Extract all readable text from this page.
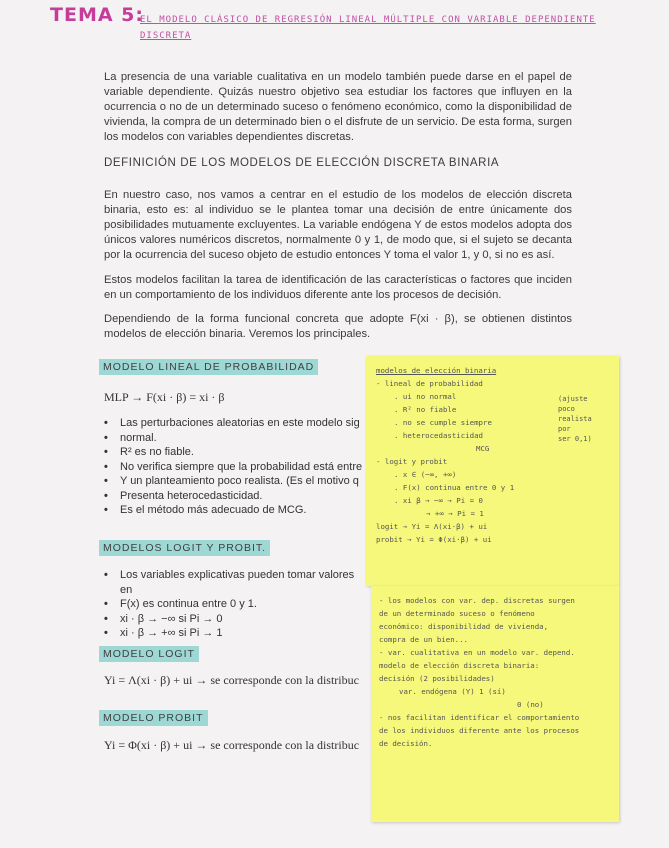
TEMA 5:
EL MODELO CLÁSICO DE REGRESIÓN LINEAL MÚLTIPLE CON VARIABLE DEPENDIENTE DISCRETA
La presencia de una variable cualitativa en un modelo también puede darse en el papel de variable dependiente. Quizás nuestro objetivo sea estudiar los factores que influyen en la ocurrencia o no de un determinado suceso o fenómeno económico, como la disponibilidad de vivienda, la compra de un determinado bien o el disfrute de un servicio. De esta forma, surgen los modelos con variables dependientes discretas.
DEFINICIÓN DE LOS MODELOS DE ELECCIÓN DISCRETA BINARIA
En nuestro caso, nos vamos a centrar en el estudio de los modelos de elección discreta binaria, esto es: al individuo se le plantea tomar una decisión de entre únicamente dos posibilidades mutuamente excluyentes. La variable endógena Y de estos modelos adopta dos únicos valores numéricos discretos, normalmente 0 y 1, de modo que, si el sujeto se decanta por la ocurrencia del suceso objeto de estudio entonces Y toma el valor 1, y 0, si no es así.
Estos modelos facilitan la tarea de identificación de las características o factores que inciden en un comportamiento de los individuos diferente ante los procesos de decisión.
Dependiendo de la forma funcional concreta que adopte F(xi · β), se obtienen distintos modelos de elección binaria. Veremos los principales.
MODELO LINEAL DE PROBABILIDAD
MLP → F(xi · β) = xi · β
• Las perturbaciones aleatorias en este modelo sig
• normal.
• R² es no fiable.
• No verifica siempre que la probabilidad está entre
• Y un planteamiento poco realista. (Es el motivo q
• Presenta heterocedasticidad.
• Es el método más adecuado de MCG.
MODELOS LOGIT Y PROBIT.
• Los variables explicativas pueden tomar valores en
• F(x) es continua entre 0 y 1.
• xi · β → −∞ si Pi → 0
• xi · β → +∞ si Pi → 1
MODELO LOGIT
Yi = Λ(xi · β) + ui → se corresponde con la distribuc
MODELO PROBIT
Yi = Φ(xi · β) + ui → se corresponde con la distribuc
modelos de elección binaria
- lineal de probabilidad
. ui no normal
. R² no fiable
. no se cumple siempre
. heterocedasticidad
MCG
- logit y probit
. x ∈ (−∞, +∞)
. F(x) continua entre 0 y 1
. xi β → −∞ → Pi = 0
→ +∞ → Pi = 1
logit → Yi = Λ(xi·β) + ui
probit → Yi = Φ(xi·β) + ui
(ajuste
poco
realista
por
ser 0,1)
- los modelos con var. dep. discretas surgen
de un determinado suceso o fenómeno
económico: disponibilidad de vivienda,
compra de un bien...
- var. cualitativa en un modelo var. depend.
modelo de elección discreta binaria:
decisión (2 posibilidades)
var. endógena (Y) 1 (sí)
0 (no)
- nos facilitan identificar el comportamiento
de los individuos diferente ante los procesos
de decisión.
